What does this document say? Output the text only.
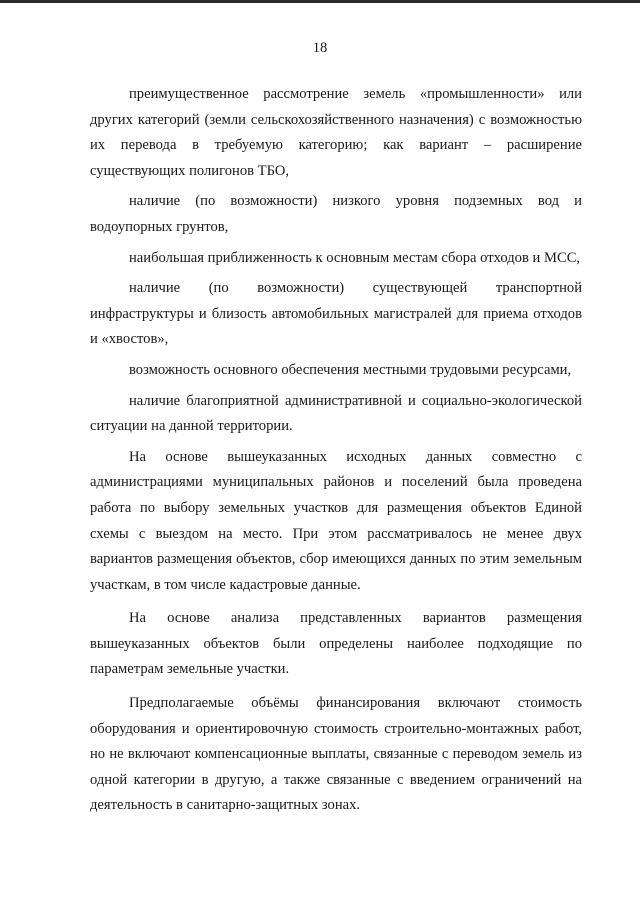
18

преимущественное рассмотрение земель «промышленности» или других категорий (земли сельскохозяйственного назначения) с возможностью их перевода в требуемую категорию; как вариант – расширение существующих полигонов ТБО,

наличие (по возможности) низкого уровня подземных вод и водоупорных грунтов,

наибольшая приближенность к основным местам сбора отходов и МСС,

наличие (по возможности) существующей транспортной инфраструктуры и близость автомобильных магистралей для приема отходов и «хвостов»,

возможность основного обеспечения местными трудовыми ресурсами,

наличие благоприятной административной и социально-экологической ситуации на данной территории.

На основе вышеуказанных исходных данных совместно с администрациями муниципальных районов и поселений была проведена работа по выбору земельных участков для размещения объектов Единой схемы с выездом на место. При этом рассматривалось не менее двух вариантов размещения объектов, сбор имеющихся данных по этим земельным участкам, в том числе кадастровые данные.

На основе анализа представленных вариантов размещения вышеуказанных объектов были определены наиболее подходящие по параметрам земельные участки.

Предполагаемые объёмы финансирования включают стоимость оборудования и ориентировочную стоимость строительно-монтажных работ, но не включают компенсационные выплаты, связанные с переводом земель из одной категории в другую, а также связанные с введением ограничений на деятельность в санитарно-защитных зонах.
